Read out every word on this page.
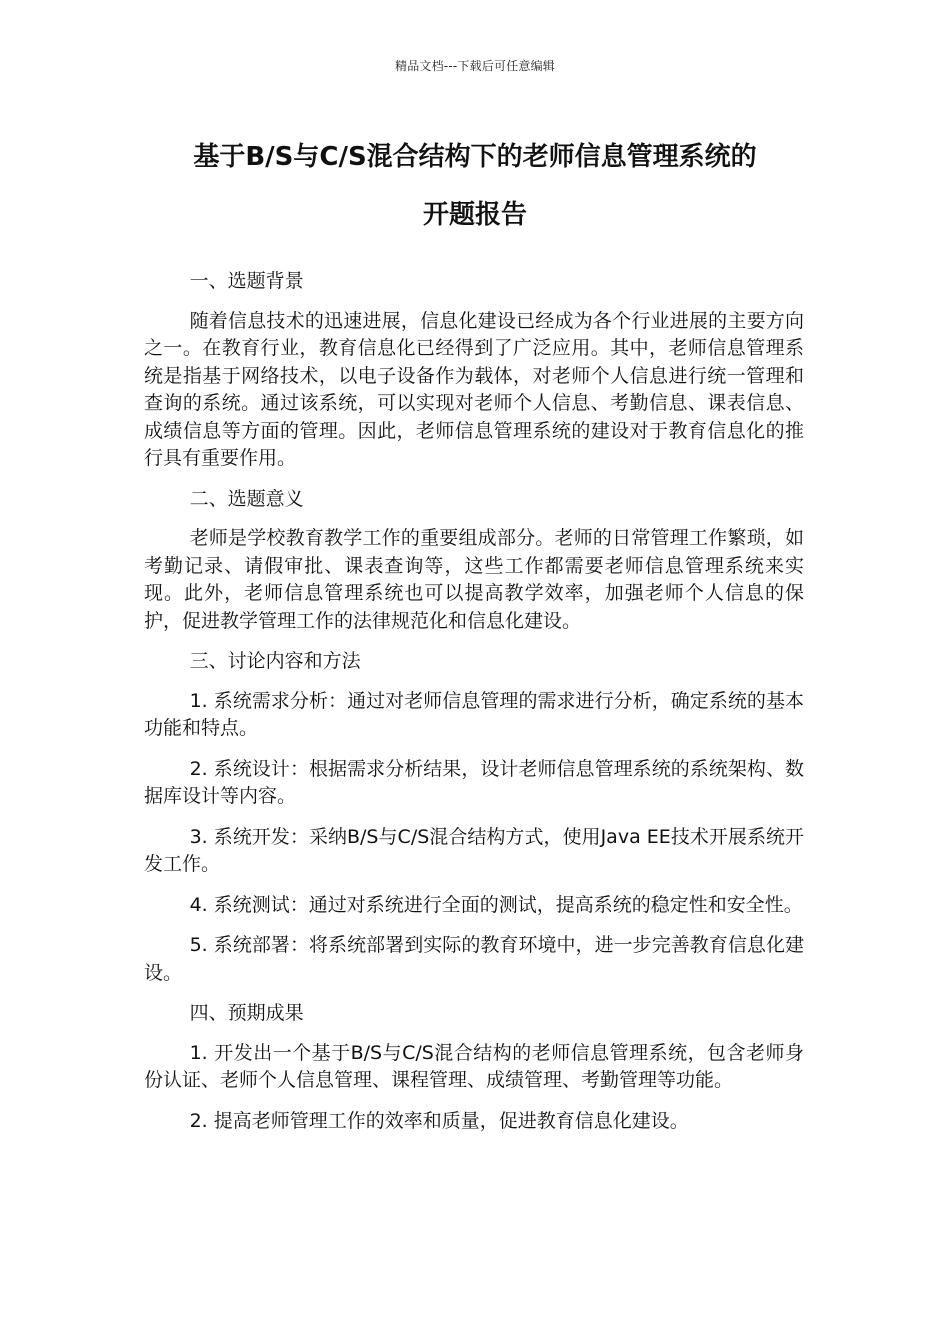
精品文档---下载后可任意编辑
基于B/S与C/S混合结构下的老师信息管理系统的
开题报告

一、选题背景

随着信息技术的迅速进展，信息化建设已经成为各个行业进展的主要方向之一。在教育行业，教育信息化已经得到了广泛应用。其中，老师信息管理系统是指基于网络技术，以电子设备作为载体，对老师个人信息进行统一管理和查询的系统。通过该系统，可以实现对老师个人信息、考勤信息、课表信息、成绩信息等方面的管理。因此，老师信息管理系统的建设对于教育信息化的推行具有重要作用。

二、选题意义

老师是学校教育教学工作的重要组成部分。老师的日常管理工作繁琐，如考勤记录、请假审批、课表查询等，这些工作都需要老师信息管理系统来实现。此外，老师信息管理系统也可以提高教学效率，加强老师个人信息的保护，促进教学管理工作的法律规范化和信息化建设。

三、讨论内容和方法

1. 系统需求分析：通过对老师信息管理的需求进行分析，确定系统的基本功能和特点。

2. 系统设计：根据需求分析结果，设计老师信息管理系统的系统架构、数据库设计等内容。

3. 系统开发：采纳B/S与C/S混合结构方式，使用Java EE技术开展系统开发工作。

4. 系统测试：通过对系统进行全面的测试，提高系统的稳定性和安全性。

5. 系统部署：将系统部署到实际的教育环境中，进一步完善教育信息化建设。

四、预期成果

1. 开发出一个基于B/S与C/S混合结构的老师信息管理系统，包含老师身份认证、老师个人信息管理、课程管理、成绩管理、考勤管理等功能。

2. 提高老师管理工作的效率和质量，促进教育信息化建设。
